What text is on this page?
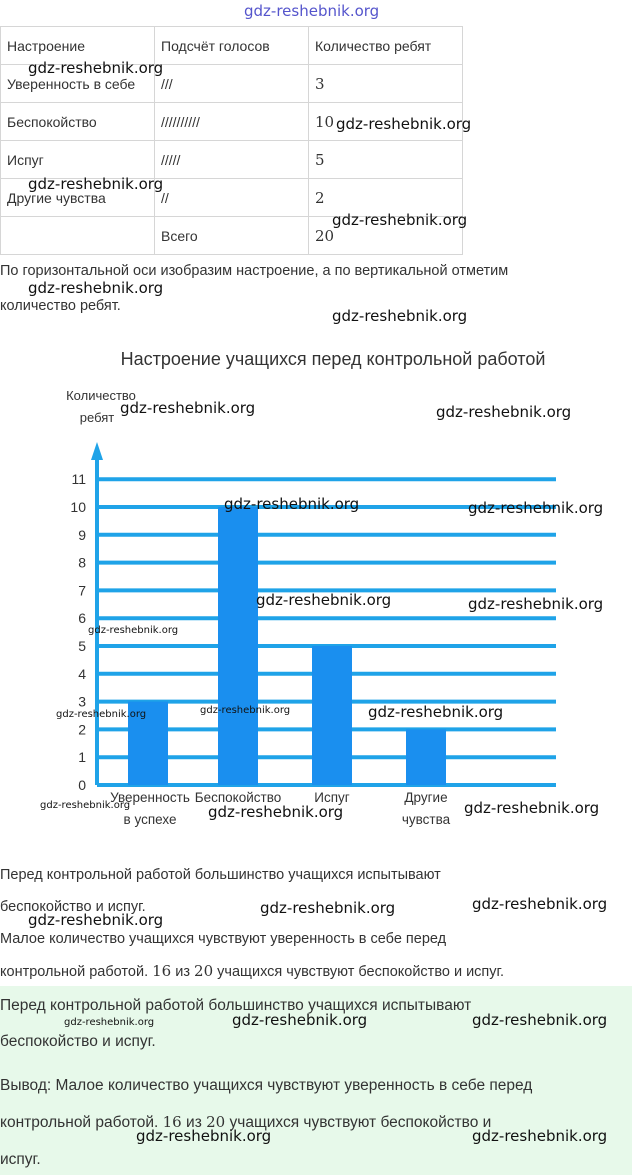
gdz-reshebnik.org
Настроение	Подсчёт голосов	Количество ребят
Уверенность в себе	///	3
Беспокойство	//////////	10
Испуг	/////	5
Другие чувства	//	2
	Всего	20
По горизонтальной оси изобразим настроение, а по вертикальной отметим
количество ребят.
Настроение учащихся перед контрольной работой
Количество
ребят
0
1
2
3
4
5
6
7
8
9
10
11
Уверенность
в успехе
Беспокойство Испуг	Другие
чувства
Перед контрольной работой большинство учащихся испытывают
беспокойство и испуг.
Малое количество учащихся чувствуют уверенность в себе перед
контрольной работой. 16 из 20 учащихся чувствуют беспокойство и испуг.
Перед контрольной работой большинство учащихся испытывают
беспокойство и испуг.
Вывод: Малое количество учащихся чувствуют уверенность в себе перед
контрольной работой. 16 из 20 учащихся чувствуют беспокойство и
испуг.
gdz-reshebnik.org
gdz-reshebnik.org
gdz-reshebnik.org
gdz-reshebnik.org
gdz-reshebnik.org
gdz-reshebnik.org
gdz-reshebnik.org	gdz-reshebnik.org
gdz-reshebnik.org	gdz-reshebnik.org
gdz-reshebnik.org	gdz-reshebnik.org
gdz-reshebnik.org
gdz-reshebnik.org
gdz-reshebnik.org	gdz-reshebnik.org
gdz-reshebnik.org	gdz-reshebnik.org
gdz-reshebnik.org
gdz-reshebnik.org	gdz-reshebnik.org
gdz-reshebnik.org
gdz-reshebnik.org	gdz-reshebnik.org	gdz-reshebnik.org
gdz-reshebnik.org	gdz-reshebnik.org
